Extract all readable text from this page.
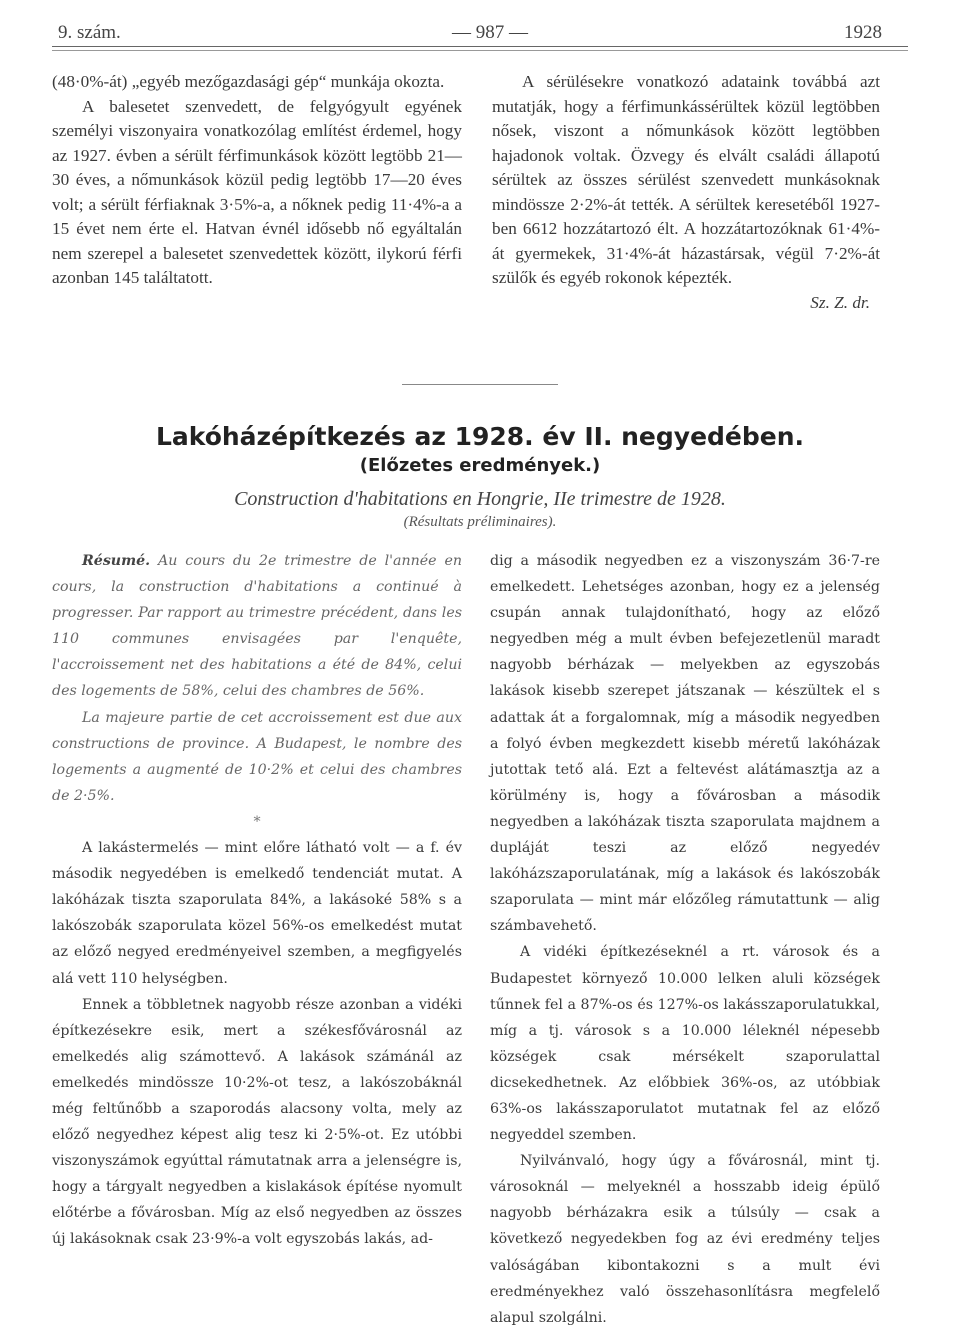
9. szám.	— 987 —	1928

(48·0%-át) „egyéb mezőgazdasági gép“ munkája okozta.

A balesetet szenvedett, de felgyógyult egyének személyi viszonyaira vonatkozólag említést érdemel, hogy az 1927. évben a sérült férfimunkások között legtöbb 21—30 éves, a nőmunkások közül pedig legtöbb 17—20 éves volt; a sérült férfiaknak 3·5%-a, a nőknek pedig 11·4%-a a 15 évet nem érte el. Hatvan évnél idősebb nő egyáltalán nem szerepel a balesetet szenvedettek között, ilykorú férfi azonban 145 találtatott.

A sérülésekre vonatkozó adataink továbbá azt mutatják, hogy a férfimunkássérültek közül legtöbben nősek, viszont a nőmunkások között legtöbben hajadonok voltak. Özvegy és elvált családi állapotú sérültek az összes sérülést szenvedett munkásoknak mindössze 2·2%-át tették. A sérültek keresetéből 1927-ben 6612 hozzátartozó élt. A hozzátartozóknak 61·4%-át gyermekek, 31·4%-át házastársak, végül 7·2%-át szülők és egyéb rokonok képezték.

Sz. Z. dr.

Lakóházépítkezés az 1928. év II. negyedében.
(Előzetes eredmények.)
Construction d'habitations en Hongrie, IIe trimestre de 1928.
(Résultats préliminaires).

Résumé. Au cours du 2e trimestre de l'année en cours, la construction d'habitations a continué à progresser. Par rapport au trimestre précédent, dans les 110 communes envisagées par l'enquête, l'accroissement net des habitations a été de 84%, celui des logements de 58%, celui des chambres de 56%.

La majeure partie de cet accroissement est due aux constructions de province. A Budapest, le nombre des logements a augmenté de 10·2% et celui des chambres de 2·5%.

*

A lakástermelés — mint előre látható volt — a f. év második negyedében is emelkedő tendenciát mutat. A lakóházak tiszta szaporulata 84%, a lakásoké 58% s a lakószobák szaporulata közel 56%-os emelkedést mutat az előző negyed eredményeivel szemben, a megfigyelés alá vett 110 helységben.

Ennek a többletnek nagyobb része azonban a vidéki építkezésekre esik, mert a székesfővárosnál az emelkedés alig számottevő. A lakások számánál az emelkedés mindössze 10·2%-ot tesz, a lakószobáknál még feltűnőbb a szaporodás alacsony volta, mely az előző negyedhez képest alig tesz ki 2·5%-ot. Ez utóbbi viszonyszámok egyúttal rámutatnak arra a jelenségre is, hogy a tárgyalt negyedben a kislakások építése nyomult előtérbe a fővárosban. Míg az első negyedben az összes új lakásoknak csak 23·9%-a volt egyszobás lakás, ad-

dig a második negyedben ez a viszonyszám 36·7-re emelkedett. Lehetséges azonban, hogy ez a jelenség csupán annak tulajdonítható, hogy az előző negyedben még a mult évben befejezetlenül maradt nagyobb bérházak — melyekben az egyszobás lakások kisebb szerepet játszanak — készültek el s adattak át a forgalomnak, míg a második negyedben a folyó évben megkezdett kisebb méretű lakóházak jutottak tető alá. Ezt a feltevést alátámasztja az a körülmény is, hogy a fővárosban a második negyedben a lakóházak tiszta szaporulata majdnem a dupláját teszi az előző negyedév lakóházszaporulatának, míg a lakások és lakószobák szaporulata — mint már előzőleg rámutattunk — alig számbavehető.

A vidéki építkezéseknél a rt. városok és a Budapestet környező 10.000 lelken aluli községek tűnnek fel a 87%-os és 127%-os lakásszaporulatukkal, míg a tj. városok s a 10.000 léleknél népesebb községek csak mérsékelt szaporulattal dicsekedhetnek. Az előbbiek 36%-os, az utóbbiak 63%-os lakásszaporulatot mutatnak fel az előző negyeddel szemben.

Nyilvánvaló, hogy úgy a fővárosnál, mint tj. városoknál — melyeknél a hosszabb ideig épülő nagyobb bérházakra esik a túlsúly — csak a következő negyedekben fog az évi eredmény teljes valóságában kibontakozni s a mult évi eredményekhez való összehasonlításra megfelelő alapul szolgálni.
